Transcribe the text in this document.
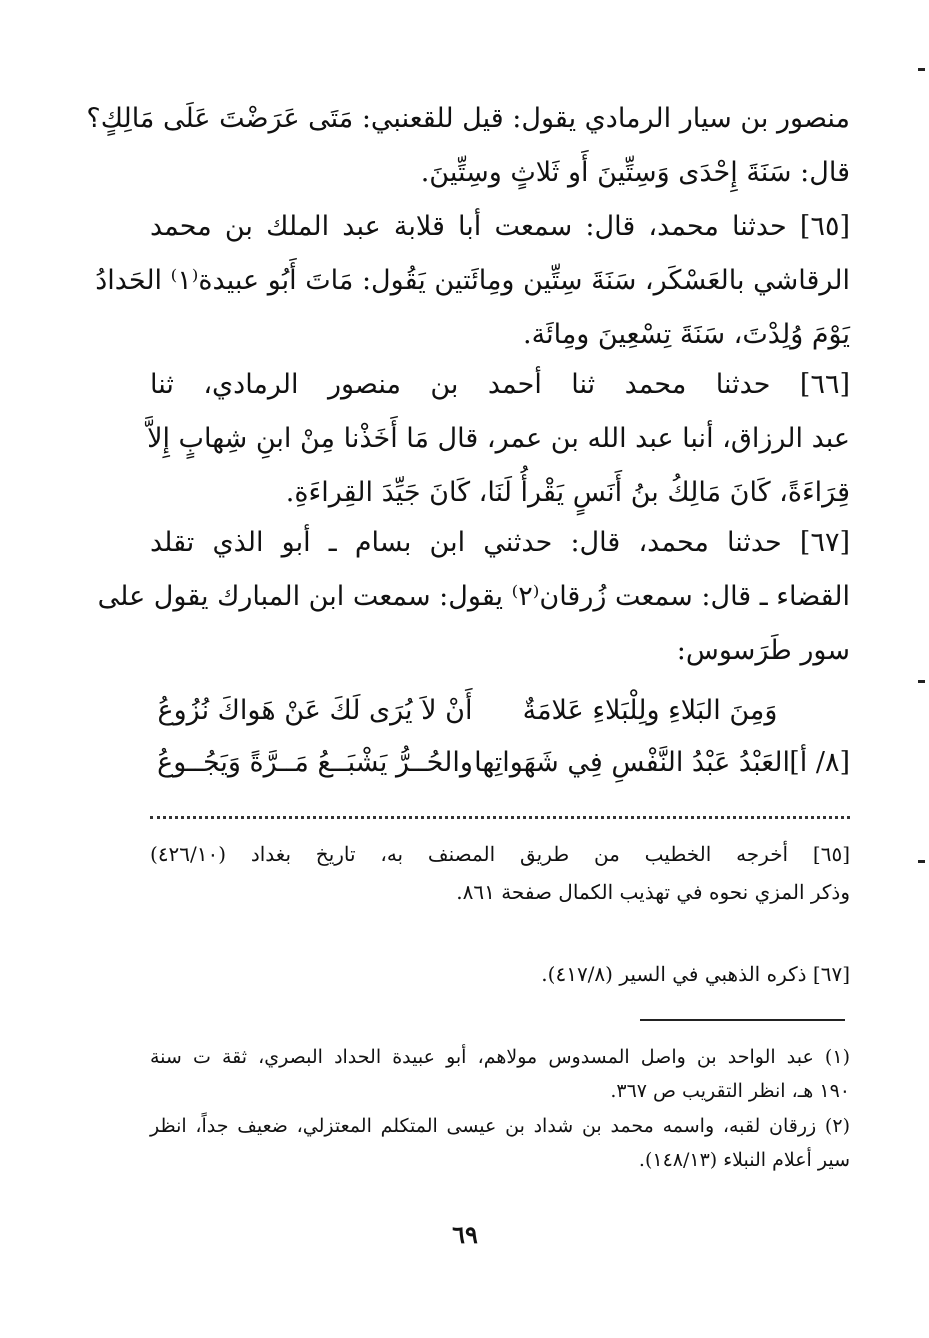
منصور بن سيار الرمادي يقول: قيل للقعنبي: مَتَى عَرَضْتَ عَلَى مَالِكٍ؟
قال: سَنَةَ إِحْدَى وَسِتِّينَ أَو ثَلاثٍ وسِتِّينَ.
[٦٥] حدثنا محمد، قال: سمعت أبا قلابة عبد الملك بن محمد
الرقاشي بالعَسْكَر، سَنَةَ سِتِّين ومِائَتين يَقُول: مَاتَ أَبُو عبيدة⁽١⁾ الحَدادُ
يَوْمَ وُلِدْتَ، سَنَةَ تِسْعِينَ ومِائَة.
[٦٦] حدثنا محمد ثنا أحمد بن منصور الرمادي، ثنا
عبد الرزاق، أنبا عبد الله بن عمر، قال مَا أَخَذْنا مِنْ ابنِ شِهابٍ إِلاَّ
قِرَاءَةً، كَانَ مَالِكُ بنُ أَنَسٍ يَقْرأُ لَنَا، كَانَ جَيِّدَ القِراءَةِ.
[٦٧] حدثنا محمد، قال: حدثني ابن بسام ـ أبو الذي تقلد
القضاء ـ قال: سمعت زُرقان⁽٢⁾ يقول: سمعت ابن المبارك يقول على
سور طَرَسوس:
وَمِنَ البَلاءِ ولِلْبَلاءِ عَلامَةٌ
أَنْ لاَ يُرَى لَكَ عَنْ هَواكَ نُزُوعُ
[٨/ أ]
العَبْدُ عَبْدُ النَّفْسِ فِي شَهَواتِها
والحُــرُّ يَشْبَــعُ مَــرَّةً وَيَجُــوعُ
[٦٥] أخرجه الخطيب من طريق المصنف به، تاريخ بغداد (٤٢٦/١٠)
وذكر المزي نحوه في تهذيب الكمال صفحة ٨٦١.
[٦٧] ذكره الذهبي في السير (٤١٧/٨).
(١) عبد الواحد بن واصل المسدوس مولاهم، أبو عبيدة الحداد البصري، ثقة ت سنة
١٩٠ هـ، انظر التقريب ص ٣٦٧.
(٢) زرقان لقبه، واسمه محمد بن شداد بن عيسى المتكلم المعتزلي، ضعيف جداً، انظر
سير أعلام النبلاء (١٤٨/١٣).
٦٩
